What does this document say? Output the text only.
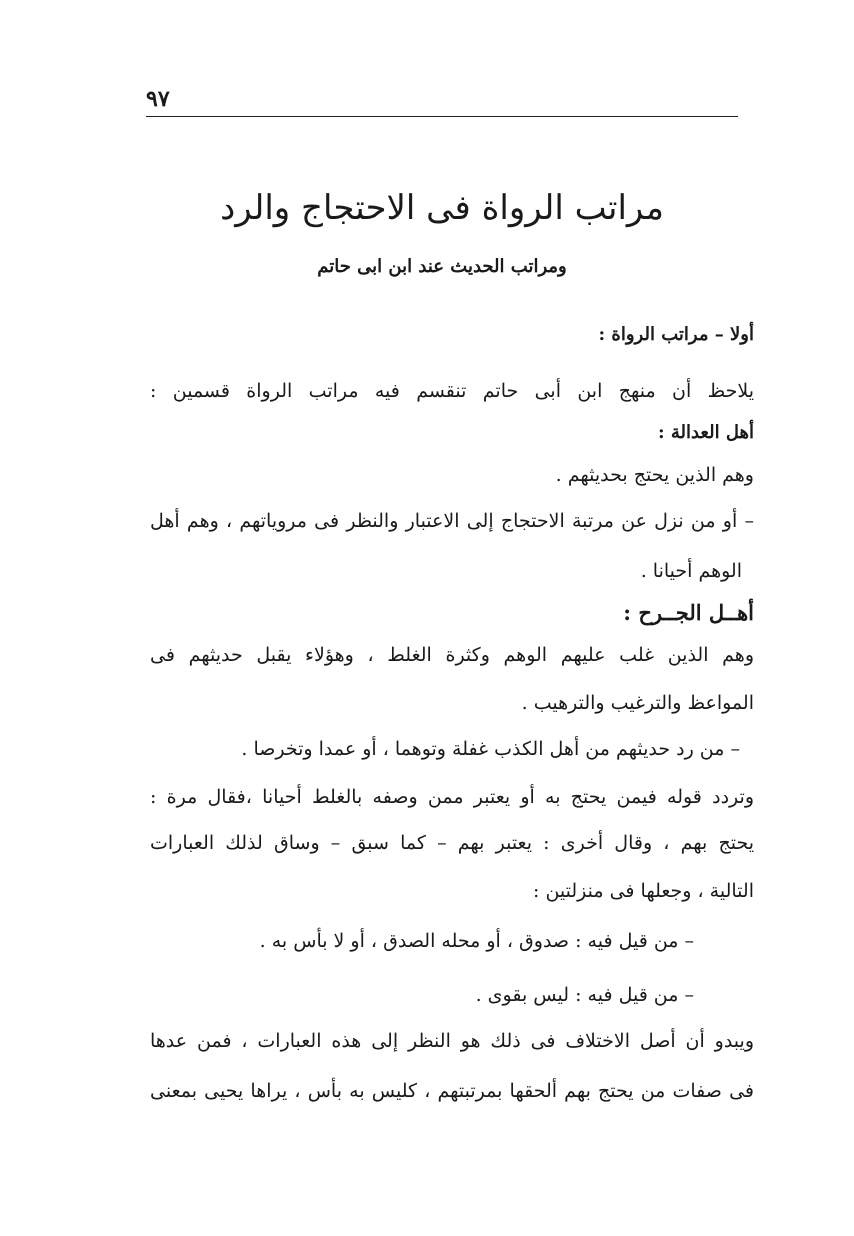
٩٧
مراتب الرواة فى الاحتجاج والرد
ومراتب الحديث عند ابن ابى حاتم
أولا – مراتب الرواة :
يلاحظ أن منهج ابن أبى حاتم تنقسم فيه مراتب الرواة قسمين :
أهل العدالة :
وهم الذين يحتج بحديثهم .
– أو من نزل عن مرتبة الاحتجاج إلى الاعتبار والنظر فى مروياتهم ، وهم أهل
الوهم أحيانا .
أهــل الجــرح :
وهم الذين غلب عليهم الوهم وكثرة الغلط ، وهؤلاء يقبل حديثهم فى
المواعظ والترغيب والترهيب .
– من رد حديثهم من أهل الكذب غفلة وتوهما ، أو عمدا وتخرصا .
وتردد قوله فيمن يحتج به أو يعتبر ممن وصفه بالغلط أحيانا ،فقال مرة :
يحتج بهم ، وقال أخرى : يعتبر بهم – كما سبق – وساق لذلك العبارات
التالية ، وجعلها فى منزلتين :
– من قيل فيه : صدوق ، أو محله الصدق ، أو لا بأس به .
– من قيل فيه : ليس بقوى .
ويبدو أن أصل الاختلاف فى ذلك هو النظر إلى هذه العبارات ، فمن عدها
فى صفات من يحتج بهم ألحقها بمرتبتهم ، كليس به بأس ، يراها يحيى بمعنى
